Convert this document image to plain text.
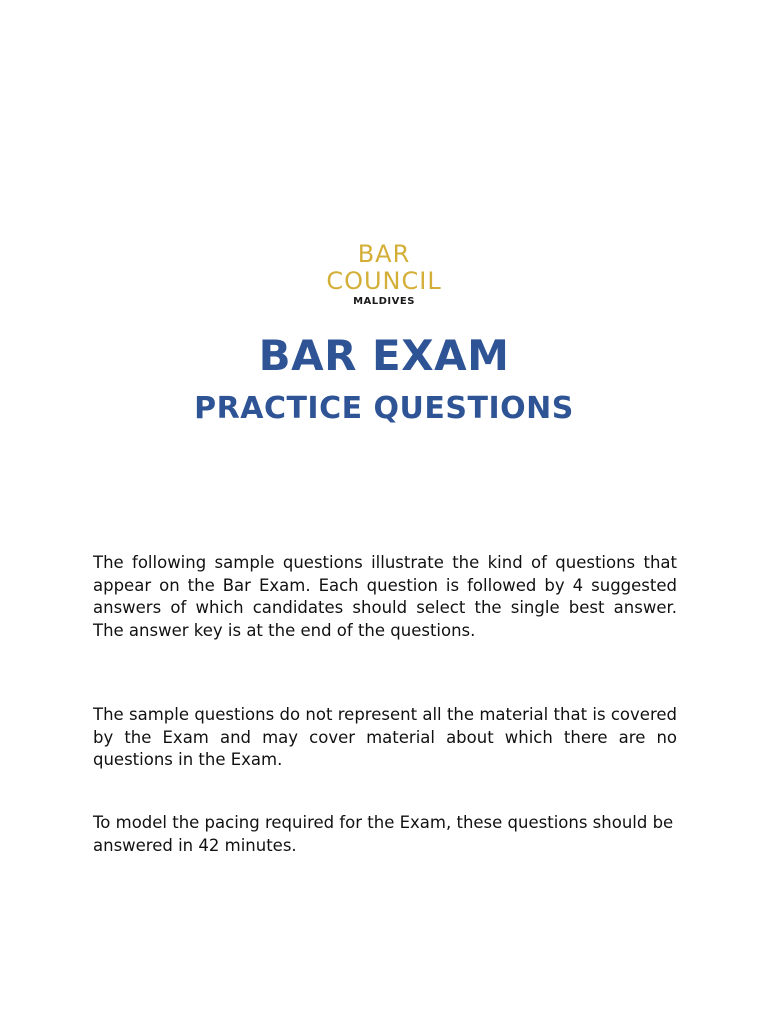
BAR
COUNCIL
MALDIVES
BAR EXAM
PRACTICE QUESTIONS

The following sample questions illustrate the kind of questions that appear on the Bar Exam. Each question is followed by 4 suggested answers of which candidates should select the single best answer. The answer key is at the end of the questions.

The sample questions do not represent all the material that is covered by the Exam and may cover material about which there are no questions in the Exam.

To model the pacing required for the Exam, these questions should be answered in 42 minutes.
